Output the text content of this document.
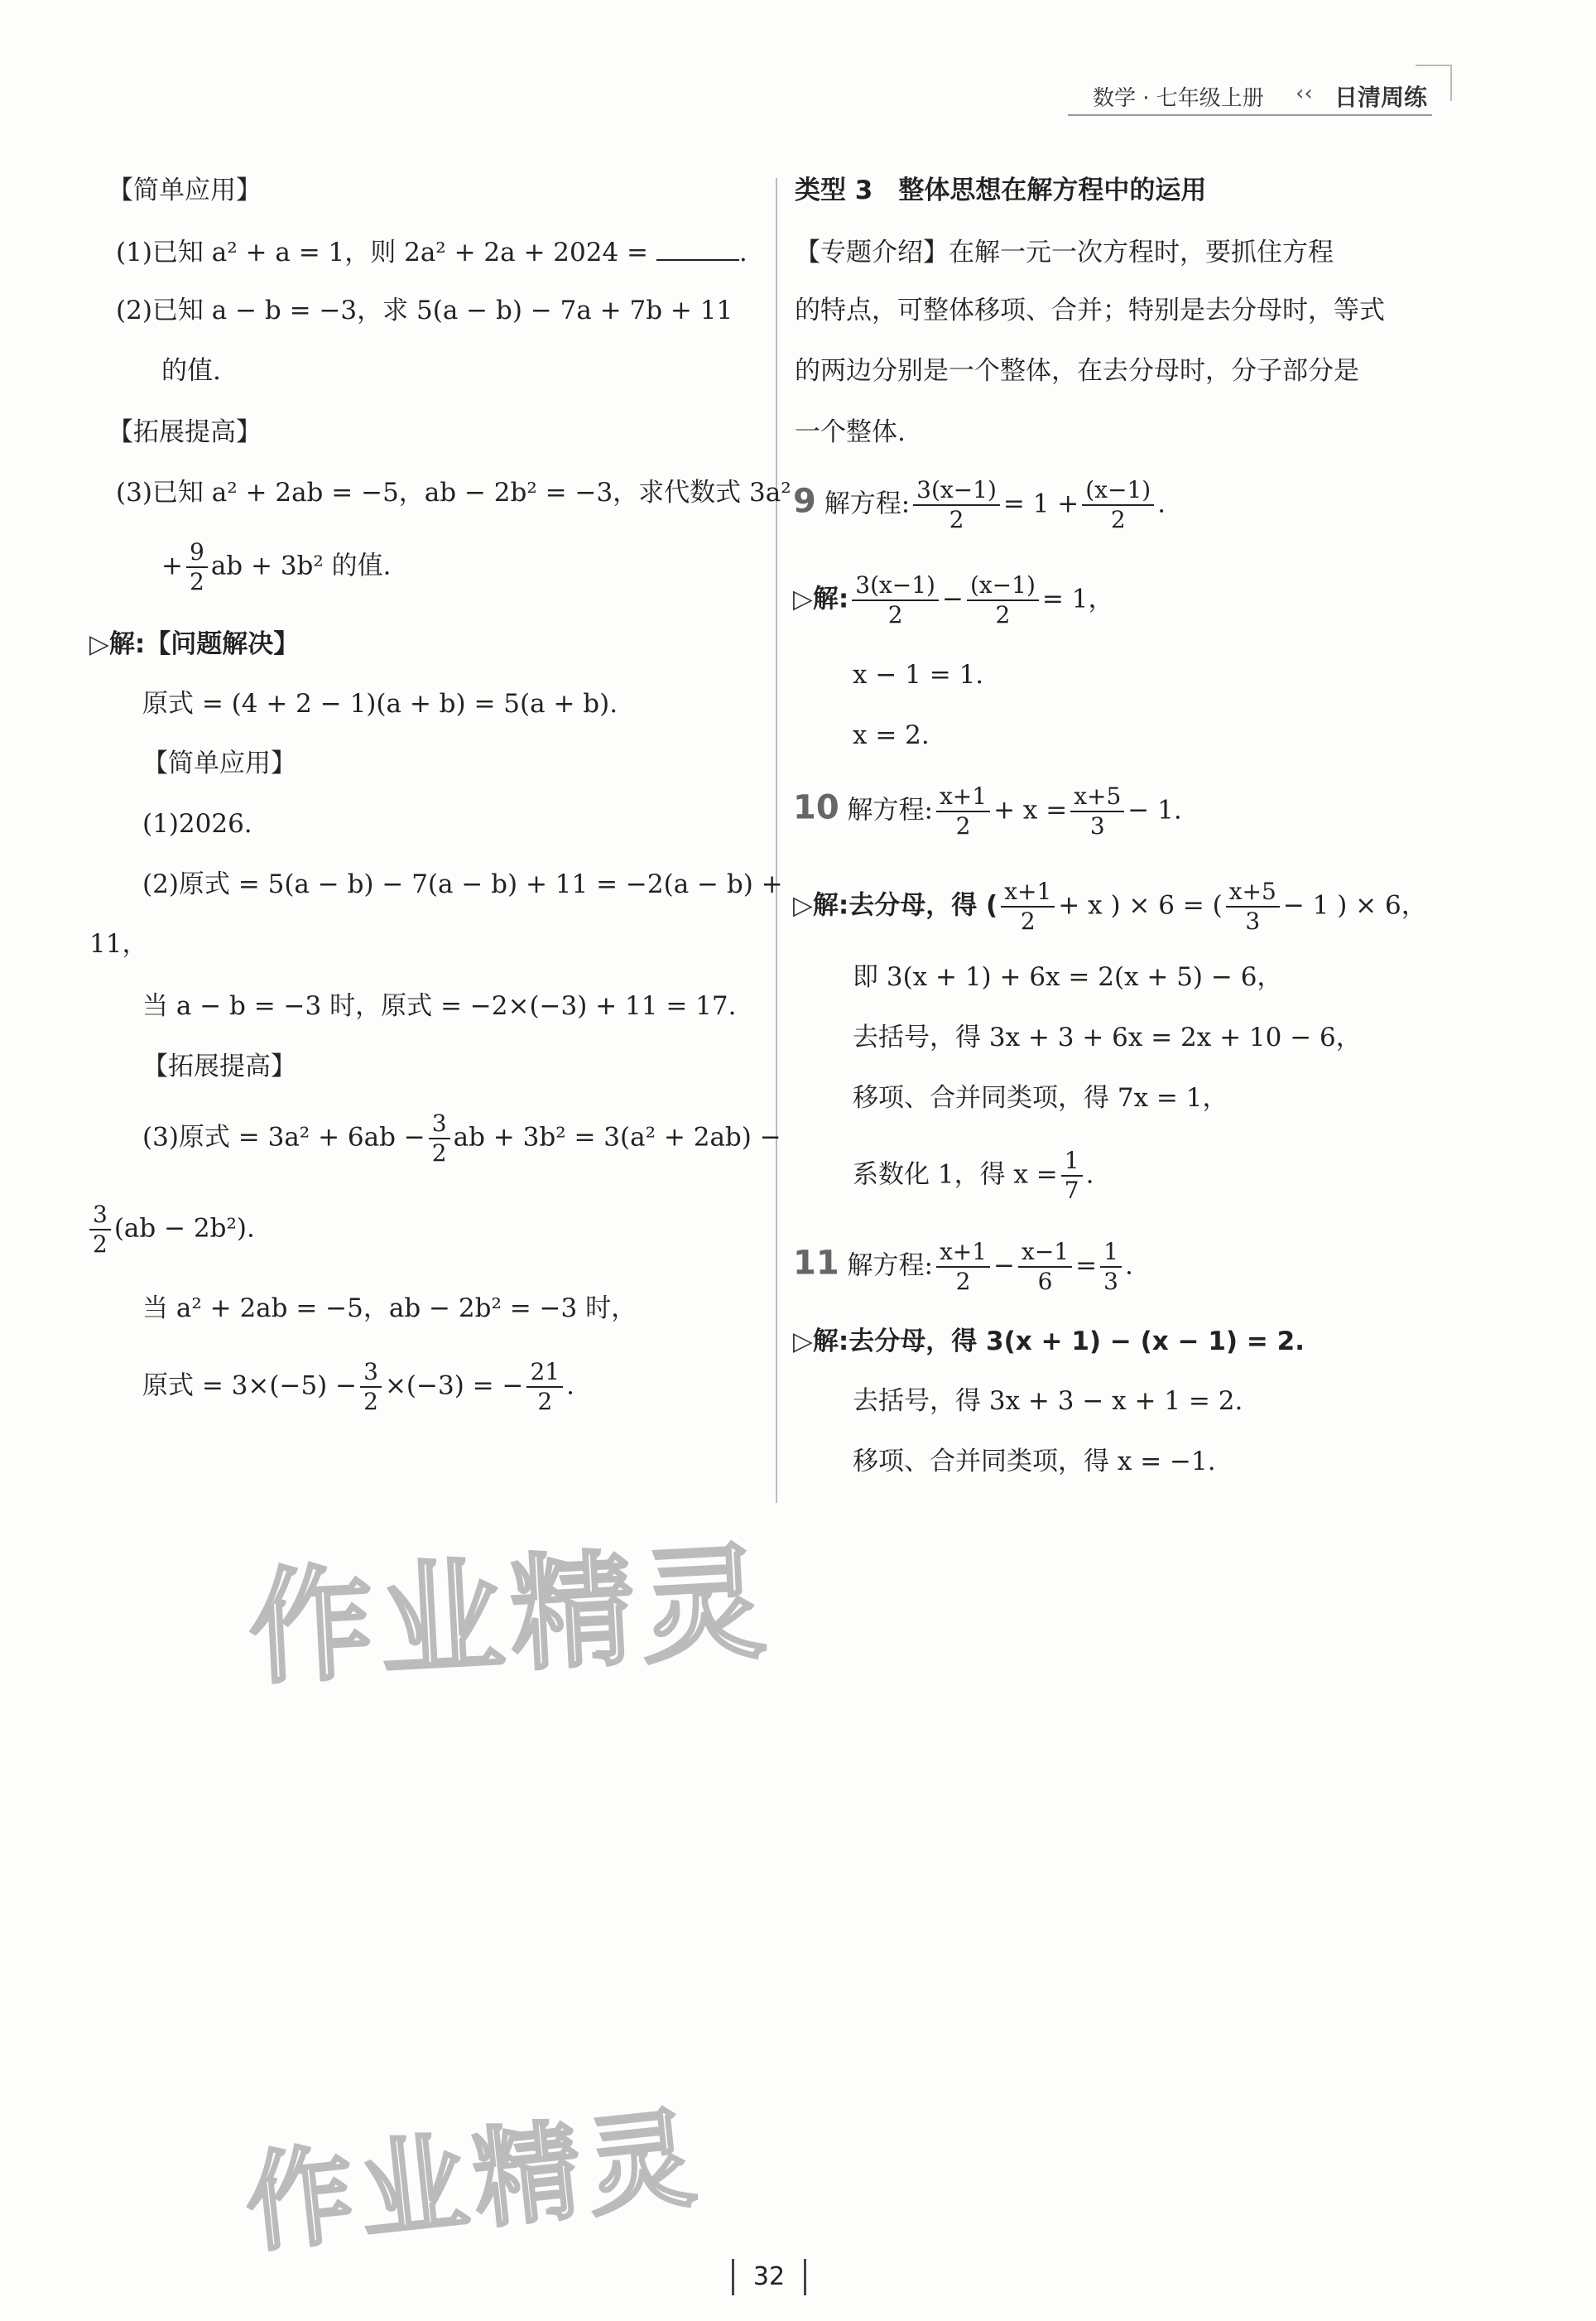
数学 · 七年级上册 ‹‹ 日清周练
【简单应用】
(1)已知 a² + a = 1，则 2a² + 2a + 2024 =	.
(2)已知 a − b = −3，求 5(a − b) − 7a + 7b + 11
的值.
【拓展提高】
(3)已知 a² + 2ab = −5，ab − 2b² = −3，求代数式 3a²
+ $\frac{9}{2}$ ab + 3b² 的值.
▷解:【问题解决】
原式 = (4 + 2 − 1)(a + b) = 5(a + b).
【简单应用】
(1)2026.
(2)原式 = 5(a − b) − 7(a − b) + 11 = −2(a − b) +
11，
当 a − b = −3 时，原式 = −2×(−3) + 11 = 17.
【拓展提高】
(3)原式 = $3a^2 + 6ab - \frac{3}{2}$ ab + 3b² = 3(a² + 2ab) −
$\frac{3}{2} (ab - 2b^2)$.
当 a² + 2ab = −5，ab − 2b² = −3 时，
原式 = $3\times(-5) - \frac{3}{2} \times(-3)$ = − $\frac{21}{2}$ .
类型 3　整体思想在解方程中的运用
【专题介绍】在解一元一次方程时，要抓住方程
的特点，可整体移项、合并；特别是去分母时，等式
的两边分别是一个整体，在去分母时，分子部分是
一个整体.
9 解方程: $\frac{3(x-1)}{2} = 1 + \frac{(x-1)}{2}$ .
▷解: $\frac{3(x-1)}{2} - \frac{(x-1)}{2} = 1$，
x − 1 = 1.
x = 2.
10 解方程: $\frac{x+1}{2} + x = \frac{x+5}{3} - 1$.
▷解:去分母，得 ( $\frac{x+1}{2} + x$ ) × 6 = ( $\frac{x+5}{3} - 1$ ) × 6，
即 3(x + 1) + 6x = 2(x + 5) − 6，
去括号，得 3x + 3 + 6x = 2x + 10 − 6，
移项、合并同类项，得 7x = 1，
系数化 1，得 $x = \frac{1}{7}$ .
11 解方程: $\frac{x+1}{2} - \frac{x-1}{6} = \frac{1}{3}$ .
▷解:去分母，得 3(x + 1) − (x − 1) = 2.
去括号，得 3x + 3 − x + 1 = 2.
移项、合并同类项，得 x = −1.
作业精灵
作业精灵
32
